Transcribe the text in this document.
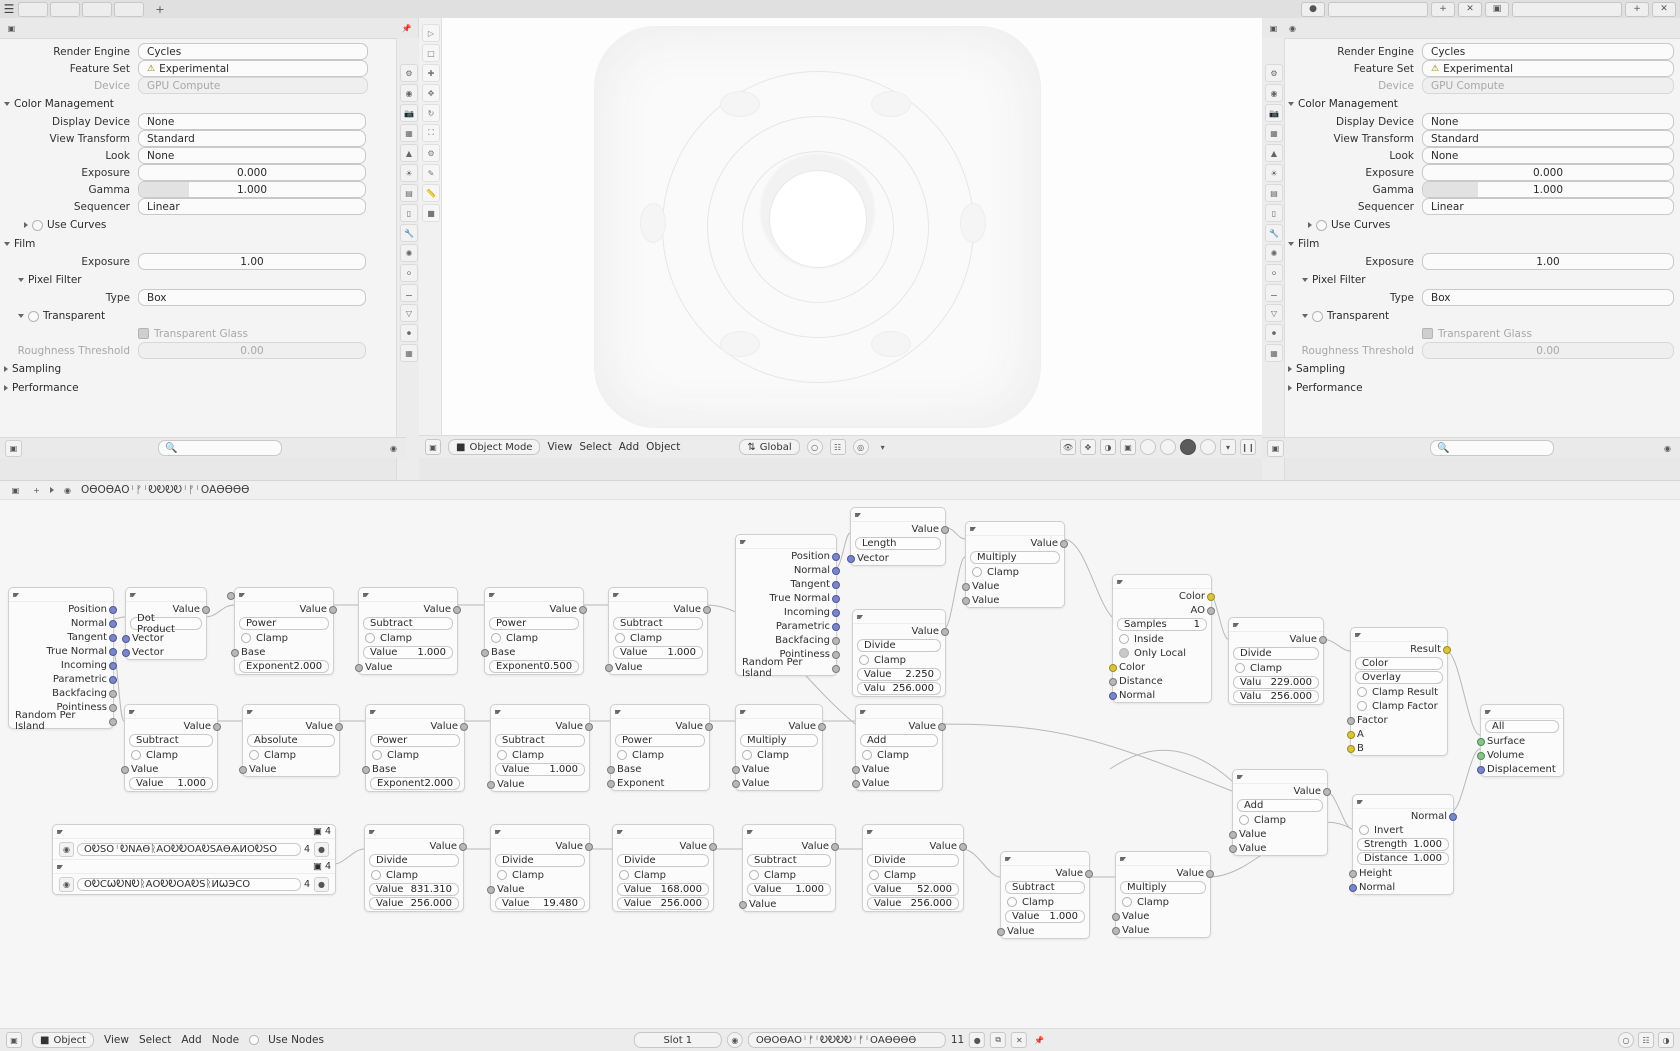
☰	+	●	+	✕	▣	+	✕
▣	📌
⚙
◉
📷
▦
▲
☀
▤
▯
🔧
✺
⚪
⚊
▽
⚫
▦
Render Engine	Cycles
Feature Set	⚠ Experimental
Device	GPU Compute
Color Management
Display Device	None
View Transform	Standard
Look	None
Exposure	0.000
Gamma	1.000
Sequencer	Linear
Use Curves
Film
Exposure	1.00
Pixel Filter
Type	Box
Transparent
Transparent Glass
Roughness Threshold	0.00
Sampling
Performance
▣	🔍	◉
▷
□
✚
✥
↻
⛶
⚙
✎
📏
■
▣	■ Object Mode View Select Add Object	⇅ Global	○	☷	◎	▾	👁	✥	◑	▣	▾	❙❙
▣	◉
⚙
◉
📷
▦
▲
☀
▤
▯
🔧
✺
⚪
⚊
▽
⚫
▦
Render Engine	Cycles
Feature Set	⚠ Experimental
Device	GPU Compute
Color Management
Display Device	None
View Transform	Standard
Look	None
Exposure	0.000
Gamma	1.000
Sequencer	Linear
Use Curves
Film
Exposure	1.00
Pixel Filter
Type	Box
Transparent
Transparent Glass
Roughness Threshold	0.00
Sampling
Performance
▣	🔍	◉
▣	+	◉ ОӨОӨАОᛌᚠᛌᎧᎧᎧᎧᛌᚠᛌОАӨӨӨӨ
Position
Normal
Tangent
True Normal
Incoming
Parametric
Backfacing
Pointiness
Random Per Island
Value
Dot Product
Vector
Vector
Value
Power
Clamp
Base
Exponent 2.000
Value
Subtract
Clamp
Value	1.000
Value
Value
Power
Clamp
Base
Exponent 0.500
Value
Subtract
Clamp
Value	1.000
Value
Position
Normal
Tangent
True Normal
Incoming
Parametric
Backfacing
Pointiness
Random Per Island
Value
Length
Vector
Value
Multiply
Clamp
Value
Value
Value
Divide
Clamp
Value	2.250
Valu 256.000
Color
AO
Samples	1
Inside
Only Local
Color
Distance
Normal
Value
Divide
Clamp
Valu 229.000
Valu 256.000
Result
Color
Overlay
Clamp Result
Clamp Factor
Factor
A
B
All
Surface
Volume
Displacement
Value
Subtract
Clamp
Value
Value	1.000
Value
Absolute
Clamp
Value
Value
Power
Clamp
Base
Exponent 2.000
Value
Subtract
Clamp
Value	1.000
Value
Value
Power
Clamp
Base
Exponent
Value
Multiply
Clamp
Value
Value
Value
Add
Clamp
Value
Value
Value
Add
Clamp
Value
Value
Normal
Invert
Strength 1.000
Distance 1.000
Height
Normal
▣ 4
◉	ОᎧЅОᛌᎧNАӨᚱАОᎧᎧОАᎧЅАӨѦИОᎧЅО	4	●
▣ 4
◉	ОᎧСѠᎧNᎧᚱАОᎧᎧОАᎧЅᚱИѠЭСО	4	●
Value
Divide
Clamp
Value 831.310
Value 256.000
Value
Divide
Clamp
Value
Value	19.480
Value
Divide
Clamp
Value 168.000
Value 256.000
Value
Subtract
Clamp
Value	1.000
Value
Value
Divide
Clamp
Value	52.000
Value 256.000
Value
Subtract
Clamp
Value 1.000
Value
Value
Multiply
Clamp
Value
Value
▣	■ Object View Select Add Node	Use Nodes	Slot 1	◉	ОӨОӨАОᛌᚠᛌᎧᎧᎧᎧᛌᚠᛌОАӨӨӨӨ	11	●	⧉	✕	📌	○	☷	◑
